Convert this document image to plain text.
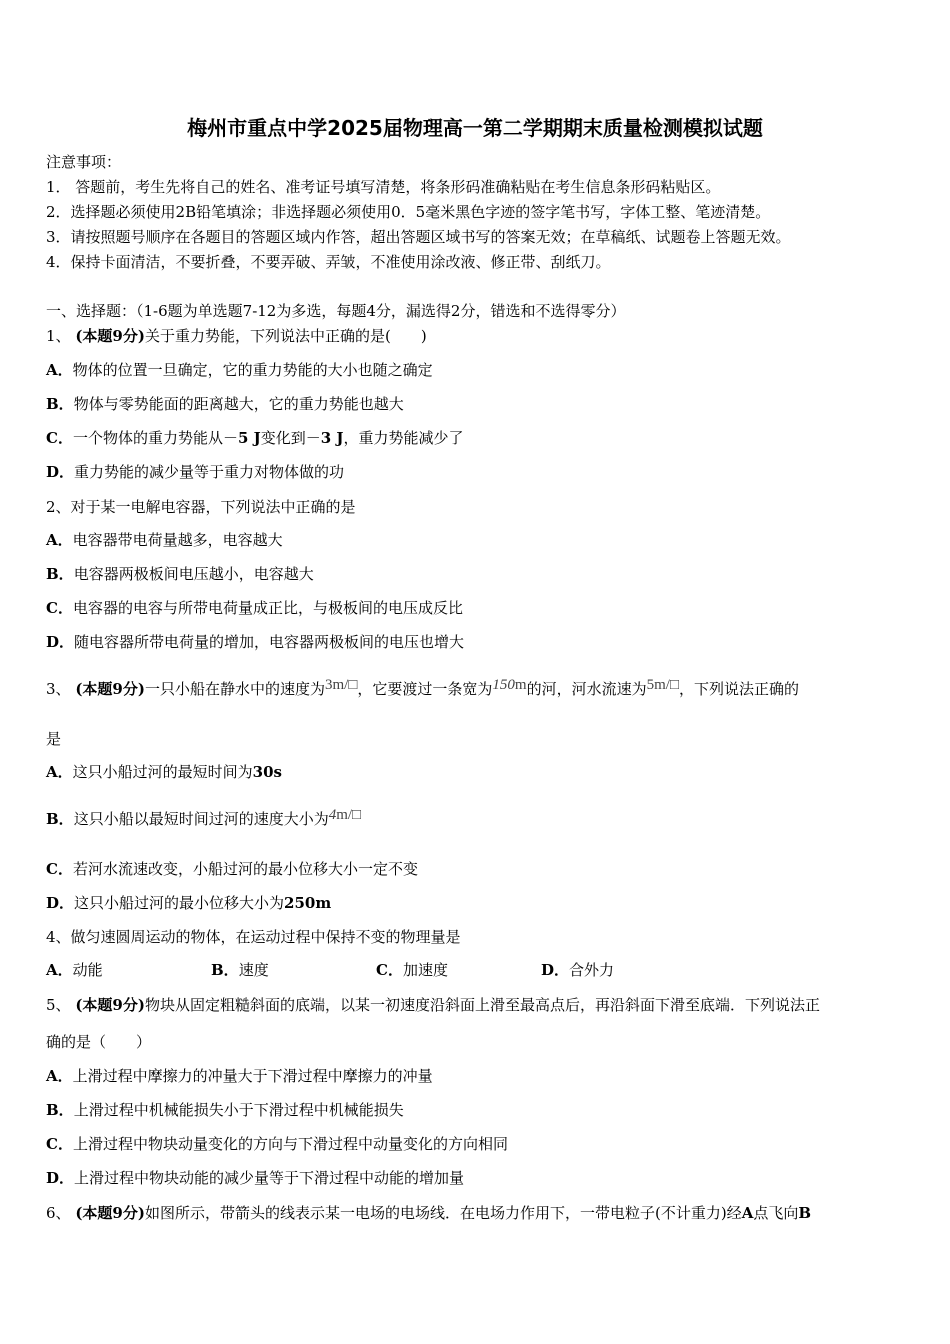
梅州市重点中学2025届物理高一第二学期期末质量检测模拟试题
注意事项：
1． 答题前，考生先将自己的姓名、准考证号填写清楚，将条形码准确粘贴在考生信息条形码粘贴区。
2．选择题必须使用2B铅笔填涂；非选择题必须使用0．5毫米黑色字迹的签字笔书写，字体工整、笔迹清楚。
3．请按照题号顺序在各题目的答题区域内作答，超出答题区域书写的答案无效；在草稿纸、试题卷上答题无效。
4．保持卡面清洁，不要折叠，不要弄破、弄皱，不准使用涂改液、修正带、刮纸刀。
一、选择题：（1-6题为单选题7-12为多选，每题4分，漏选得2分，错选和不选得零分）
1、 (本题9分)关于重力势能，下列说法中正确的是(　　)
A．物体的位置一旦确定，它的重力势能的大小也随之确定
B．物体与零势能面的距离越大，它的重力势能也越大
C．一个物体的重力势能从－5 J变化到－3 J，重力势能减少了
D．重力势能的减少量等于重力对物体做的功
2、对于某一电解电容器，下列说法中正确的是
A．电容器带电荷量越多，电容越大
B．电容器两极板间电压越小，电容越大
C．电容器的电容与所带电荷量成正比，与极板间的电压成反比
D．随电容器所带电荷量的增加，电容器两极板间的电压也增大
3、 (本题9分)一只小船在静水中的速度为3m/□，它要渡过一条宽为150m的河，河水流速为5m/□，下列说法正确的
是
A．这只小船过河的最短时间为30s
B．这只小船以最短时间过河的速度大小为4m/□
C．若河水流速改变，小船过河的最小位移大小一定不变
D．这只小船过河的最小位移大小为250m
4、做匀速圆周运动的物体，在运动过程中保持不变的物理量是
A．动能	B．速度	C．加速度	D．合外力
5、 (本题9分)物块从固定粗糙斜面的底端，以某一初速度沿斜面上滑至最高点后，再沿斜面下滑至底端．下列说法正
确的是（　　）
A．上滑过程中摩擦力的冲量大于下滑过程中摩擦力的冲量
B．上滑过程中机械能损失小于下滑过程中机械能损失
C．上滑过程中物块动量变化的方向与下滑过程中动量变化的方向相同
D．上滑过程中物块动能的减少量等于下滑过程中动能的增加量
6、 (本题9分)如图所示，带箭头的线表示某一电场的电场线．在电场力作用下，一带电粒子(不计重力)经A点飞向B
